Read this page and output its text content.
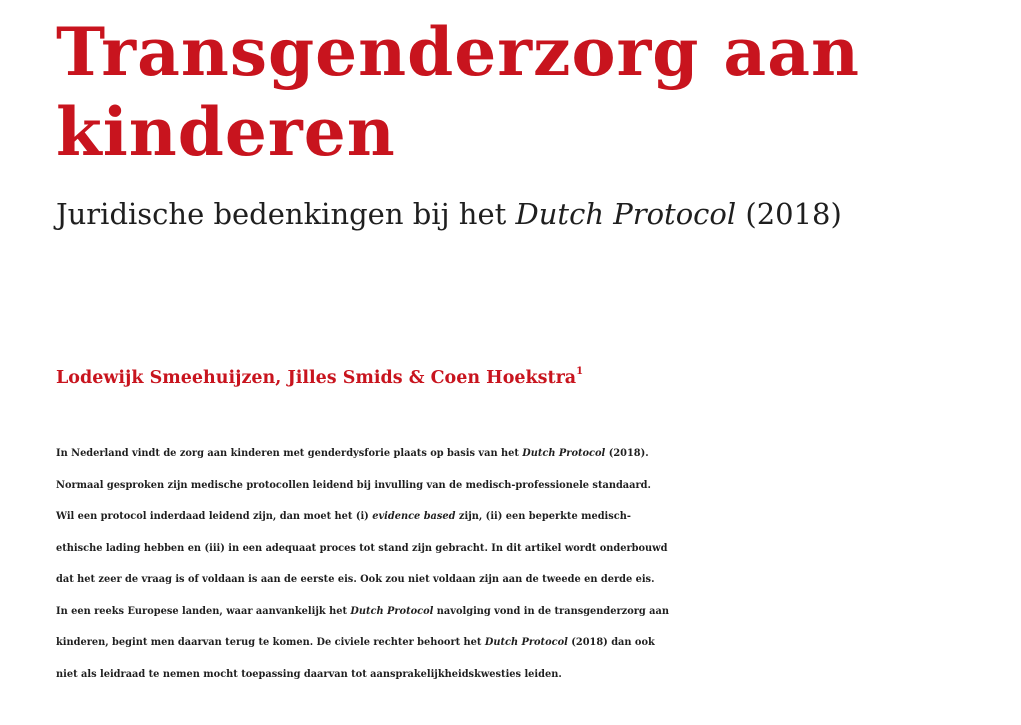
Transgenderzorg aan kinderen
Juridische bedenkingen bij het Dutch Protocol (2018)
Lodewijk Smeehuijzen, Jilles Smids & Coen Hoekstra$^1$
In Nederland vindt de zorg aan kinderen met genderdysforie plaats op basis van het Dutch Protocol (2018).
Normaal gesproken zijn medische protocollen leidend bij invulling van de medisch-professionele standaard.
Wil een protocol inderdaad leidend zijn, dan moet het (i) evidence based zijn, (ii) een beperkte medisch-
ethische lading hebben en (iii) in een adequaat proces tot stand zijn gebracht. In dit artikel wordt onderbouwd
dat het zeer de vraag is of voldaan is aan de eerste eis. Ook zou niet voldaan zijn aan de tweede en derde eis.
In een reeks Europese landen, waar aanvankelijk het Dutch Protocol navolging vond in de transgenderzorg aan
kinderen, begint men daarvan terug te komen. De civiele rechter behoort het Dutch Protocol (2018) dan ook
niet als leidraad te nemen mocht toepassing daarvan tot aansprakelijkheidskwesties leiden.
